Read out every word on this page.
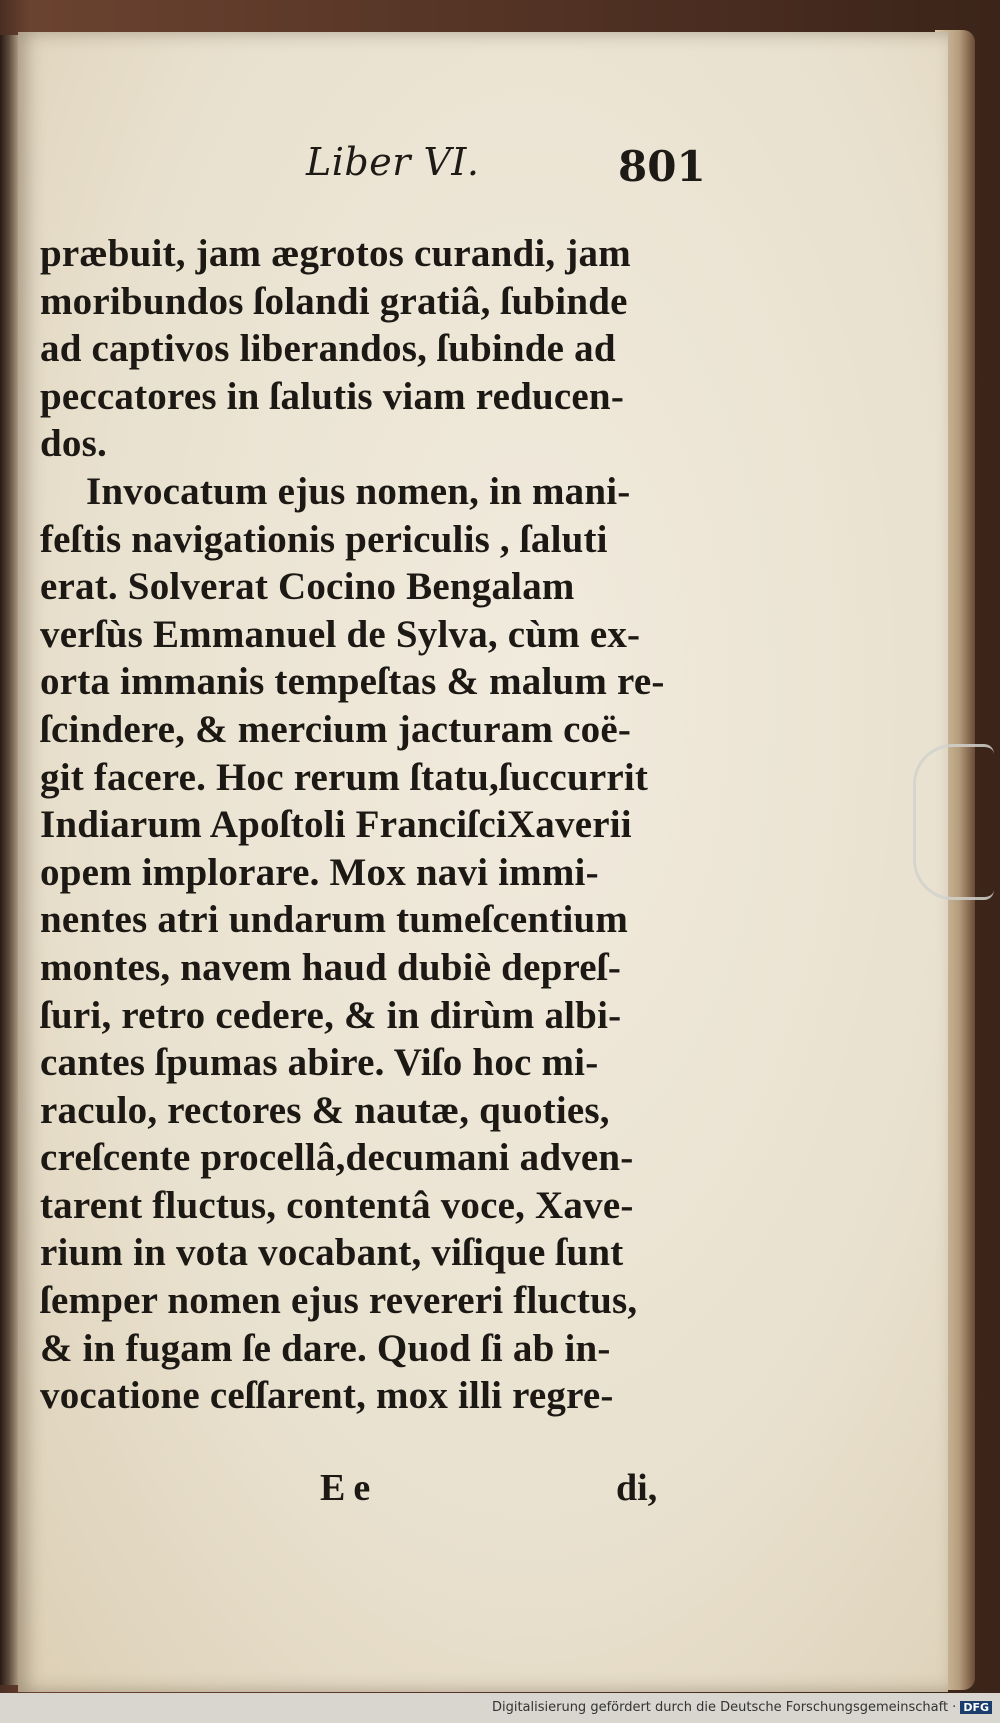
Liber VI.	801
præbuit, jam ægrotos curandi, jam
moribundos ſolandi gratiâ, ſubinde
ad captivos liberandos, ſubinde ad
peccatores in ſalutis viam reducen-
dos.
Invocatum ejus nomen, in mani-
feſtis navigationis periculis , ſaluti
erat. Solverat Cocino Bengalam
verſùs Emmanuel de Sylva, cùm ex-
orta immanis tempeſtas & malum re-
ſcindere, & mercium jacturam coë-
git facere. Hoc rerum ſtatu,ſuccurrit
Indiarum Apoſtoli FranciſciXaverii
opem implorare. Mox navi immi-
nentes atri undarum tumeſcentium
montes, navem haud dubiè depreſ-
ſuri, retro cedere, & in dirùm albi-
cantes ſpumas abire. Viſo hoc mi-
raculo, rectores & nautæ, quoties,
creſcente procellâ,decumani adven-
tarent fluctus, contentâ voce, Xave-
rium in vota vocabant, viſique ſunt
ſemper nomen ejus revereri fluctus,
& in fugam ſe dare. Quod ſi ab in-
vocatione ceſſarent, mox illi regre-
Ee	di,
Digitalisierung gefördert durch die Deutsche Forschungsgemeinschaft · DFG
